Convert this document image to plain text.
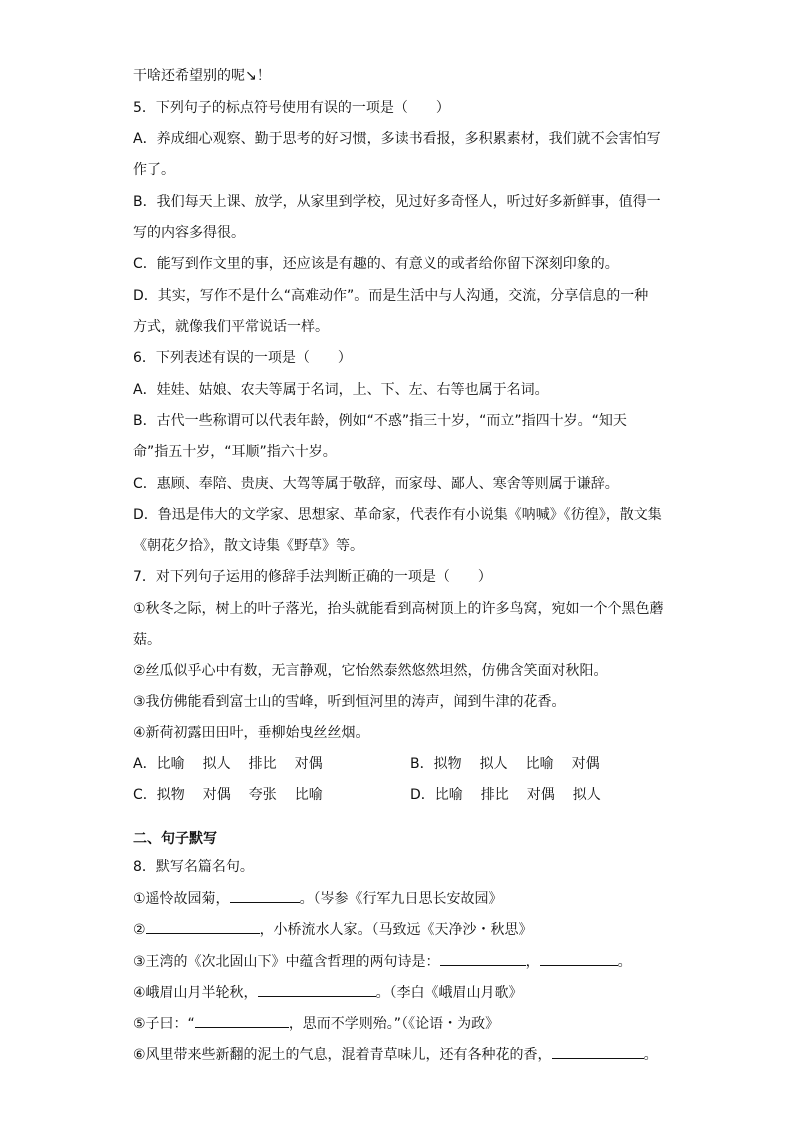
干啥还希望别的呢↘！
5．下列句子的标点符号使用有误的一项是（　　）
A．养成细心观察、勤于思考的好习惯，多读书看报，多积累素材，我们就不会害怕写
作了。
B．我们每天上课、放学，从家里到学校，见过好多奇怪人，听过好多新鲜事，值得一
写的内容多得很。
C．能写到作文里的事，还应该是有趣的、有意义的或者给你留下深刻印象的。
D．其实，写作不是什么“高难动作”。而是生活中与人沟通，交流，分享信息的一种
方式，就像我们平常说话一样。
6．下列表述有误的一项是（　　）
A．娃娃、姑娘、农夫等属于名词，上、下、左、右等也属于名词。
B．古代一些称谓可以代表年龄，例如“不惑”指三十岁，“而立”指四十岁。“知天
命”指五十岁，“耳顺”指六十岁。
C．惠顾、奉陪、贵庚、大驾等属于敬辞，而家母、鄙人、寒舍等则属于谦辞。
D．鲁迅是伟大的文学家、思想家、革命家，代表作有小说集《呐喊》《彷徨》，散文集
《朝花夕拾》，散文诗集《野草》等。
7．对下列句子运用的修辞手法判断正确的一项是（　　）
①秋冬之际，树上的叶子落光，抬头就能看到高树顶上的许多鸟窝，宛如一个个黑色蘑
菇。
②丝瓜似乎心中有数，无言静观，它怡然泰然悠然坦然，仿佛含笑面对秋阳。
③我仿佛能看到富士山的雪峰，听到恒河里的涛声，闻到牛津的花香。
④新荷初露田田叶，垂柳始曳丝丝烟。
A．比喻 拟人 排比 对偶	B．拟物 拟人 比喻 对偶
C．拟物 对偶 夸张 比喻	D．比喻 排比 对偶 拟人
二、句子默写
8．默写名篇名句。
①遥怜故园菊，	。（岑参《行军九日思长安故园》
②	，小桥流水人家。（马致远《天净沙・秋思》
③王湾的《次北固山下》中蕴含哲理的两句诗是：	，	。
④峨眉山月半轮秋，	。（李白《峨眉山月歌》
⑤子曰：“	，思而不学则殆。”（《论语・为政》
⑥风里带来些新翻的泥土的气息，混着青草味儿，还有各种花的香，	。
